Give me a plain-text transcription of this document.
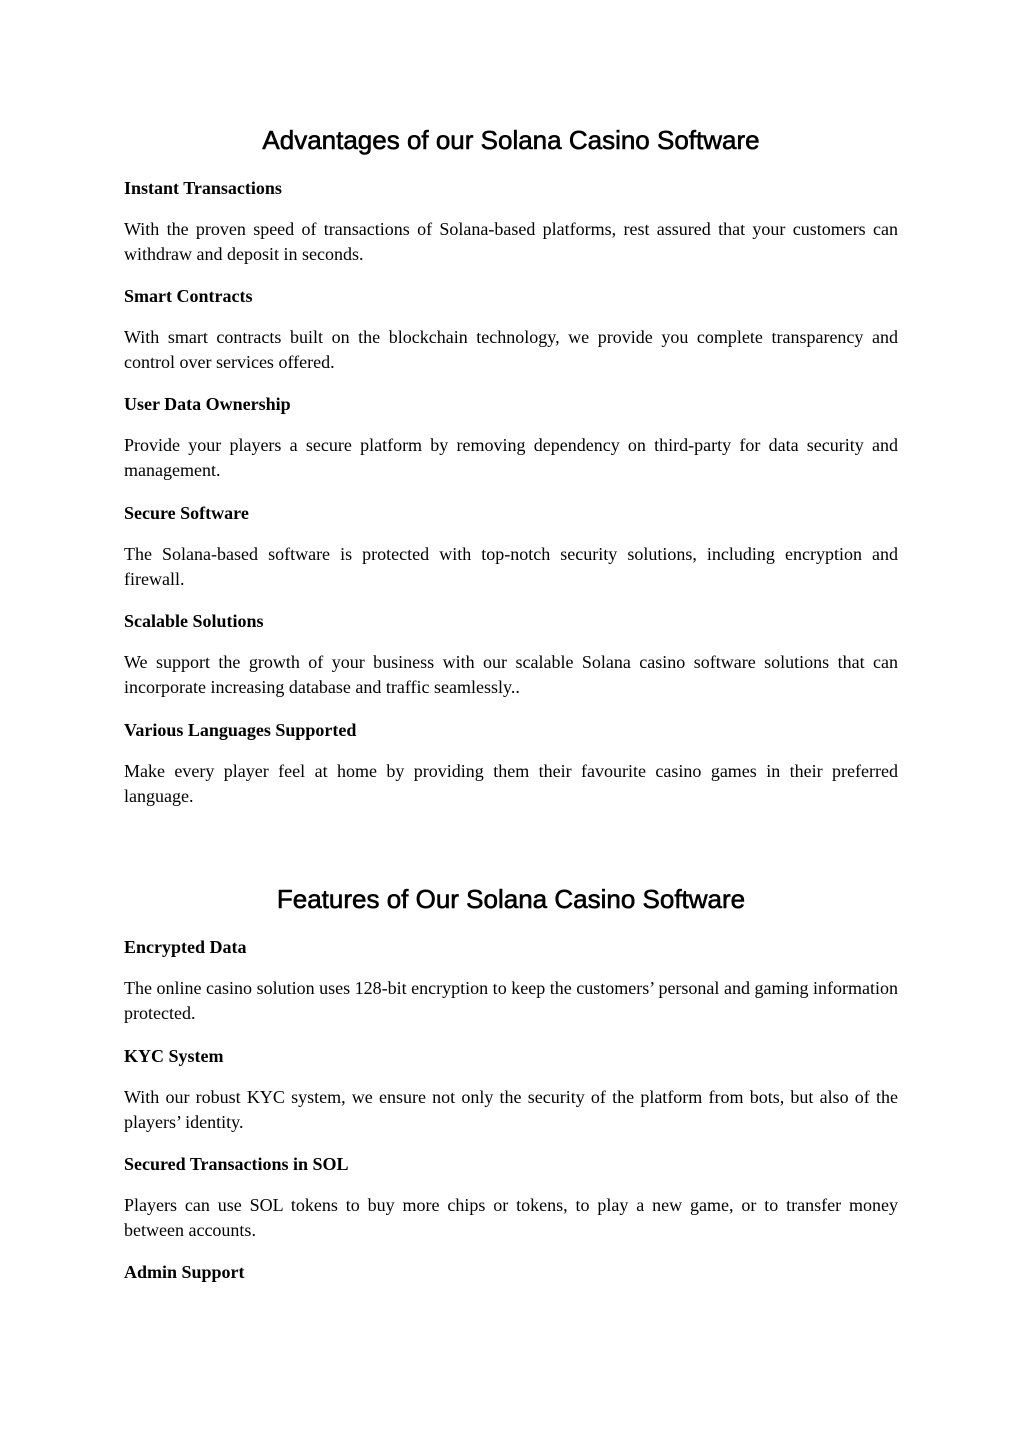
Advantages of our Solana Casino Software
Instant Transactions

With the proven speed of transactions of Solana-based platforms, rest assured that your customers can withdraw and deposit in seconds.

Smart Contracts

With smart contracts built on the blockchain technology, we provide you complete transparency and control over services offered.

User Data Ownership

Provide your players a secure platform by removing dependency on third-party for data security and management.

Secure Software

The Solana-based software is protected with top-notch security solutions, including encryption and firewall.

Scalable Solutions

We support the growth of your business with our scalable Solana casino software solutions that can incorporate increasing database and traffic seamlessly..

Various Languages Supported

Make every player feel at home by providing them their favourite casino games in their preferred language.

Features of Our Solana Casino Software
Encrypted Data

The online casino solution uses 128-bit encryption to keep the customers’ personal and gaming information protected.

KYC System

With our robust KYC system, we ensure not only the security of the platform from bots, but also of the players’ identity.

Secured Transactions in SOL

Players can use SOL tokens to buy more chips or tokens, to play a new game, or to transfer money between accounts.

Admin Support
